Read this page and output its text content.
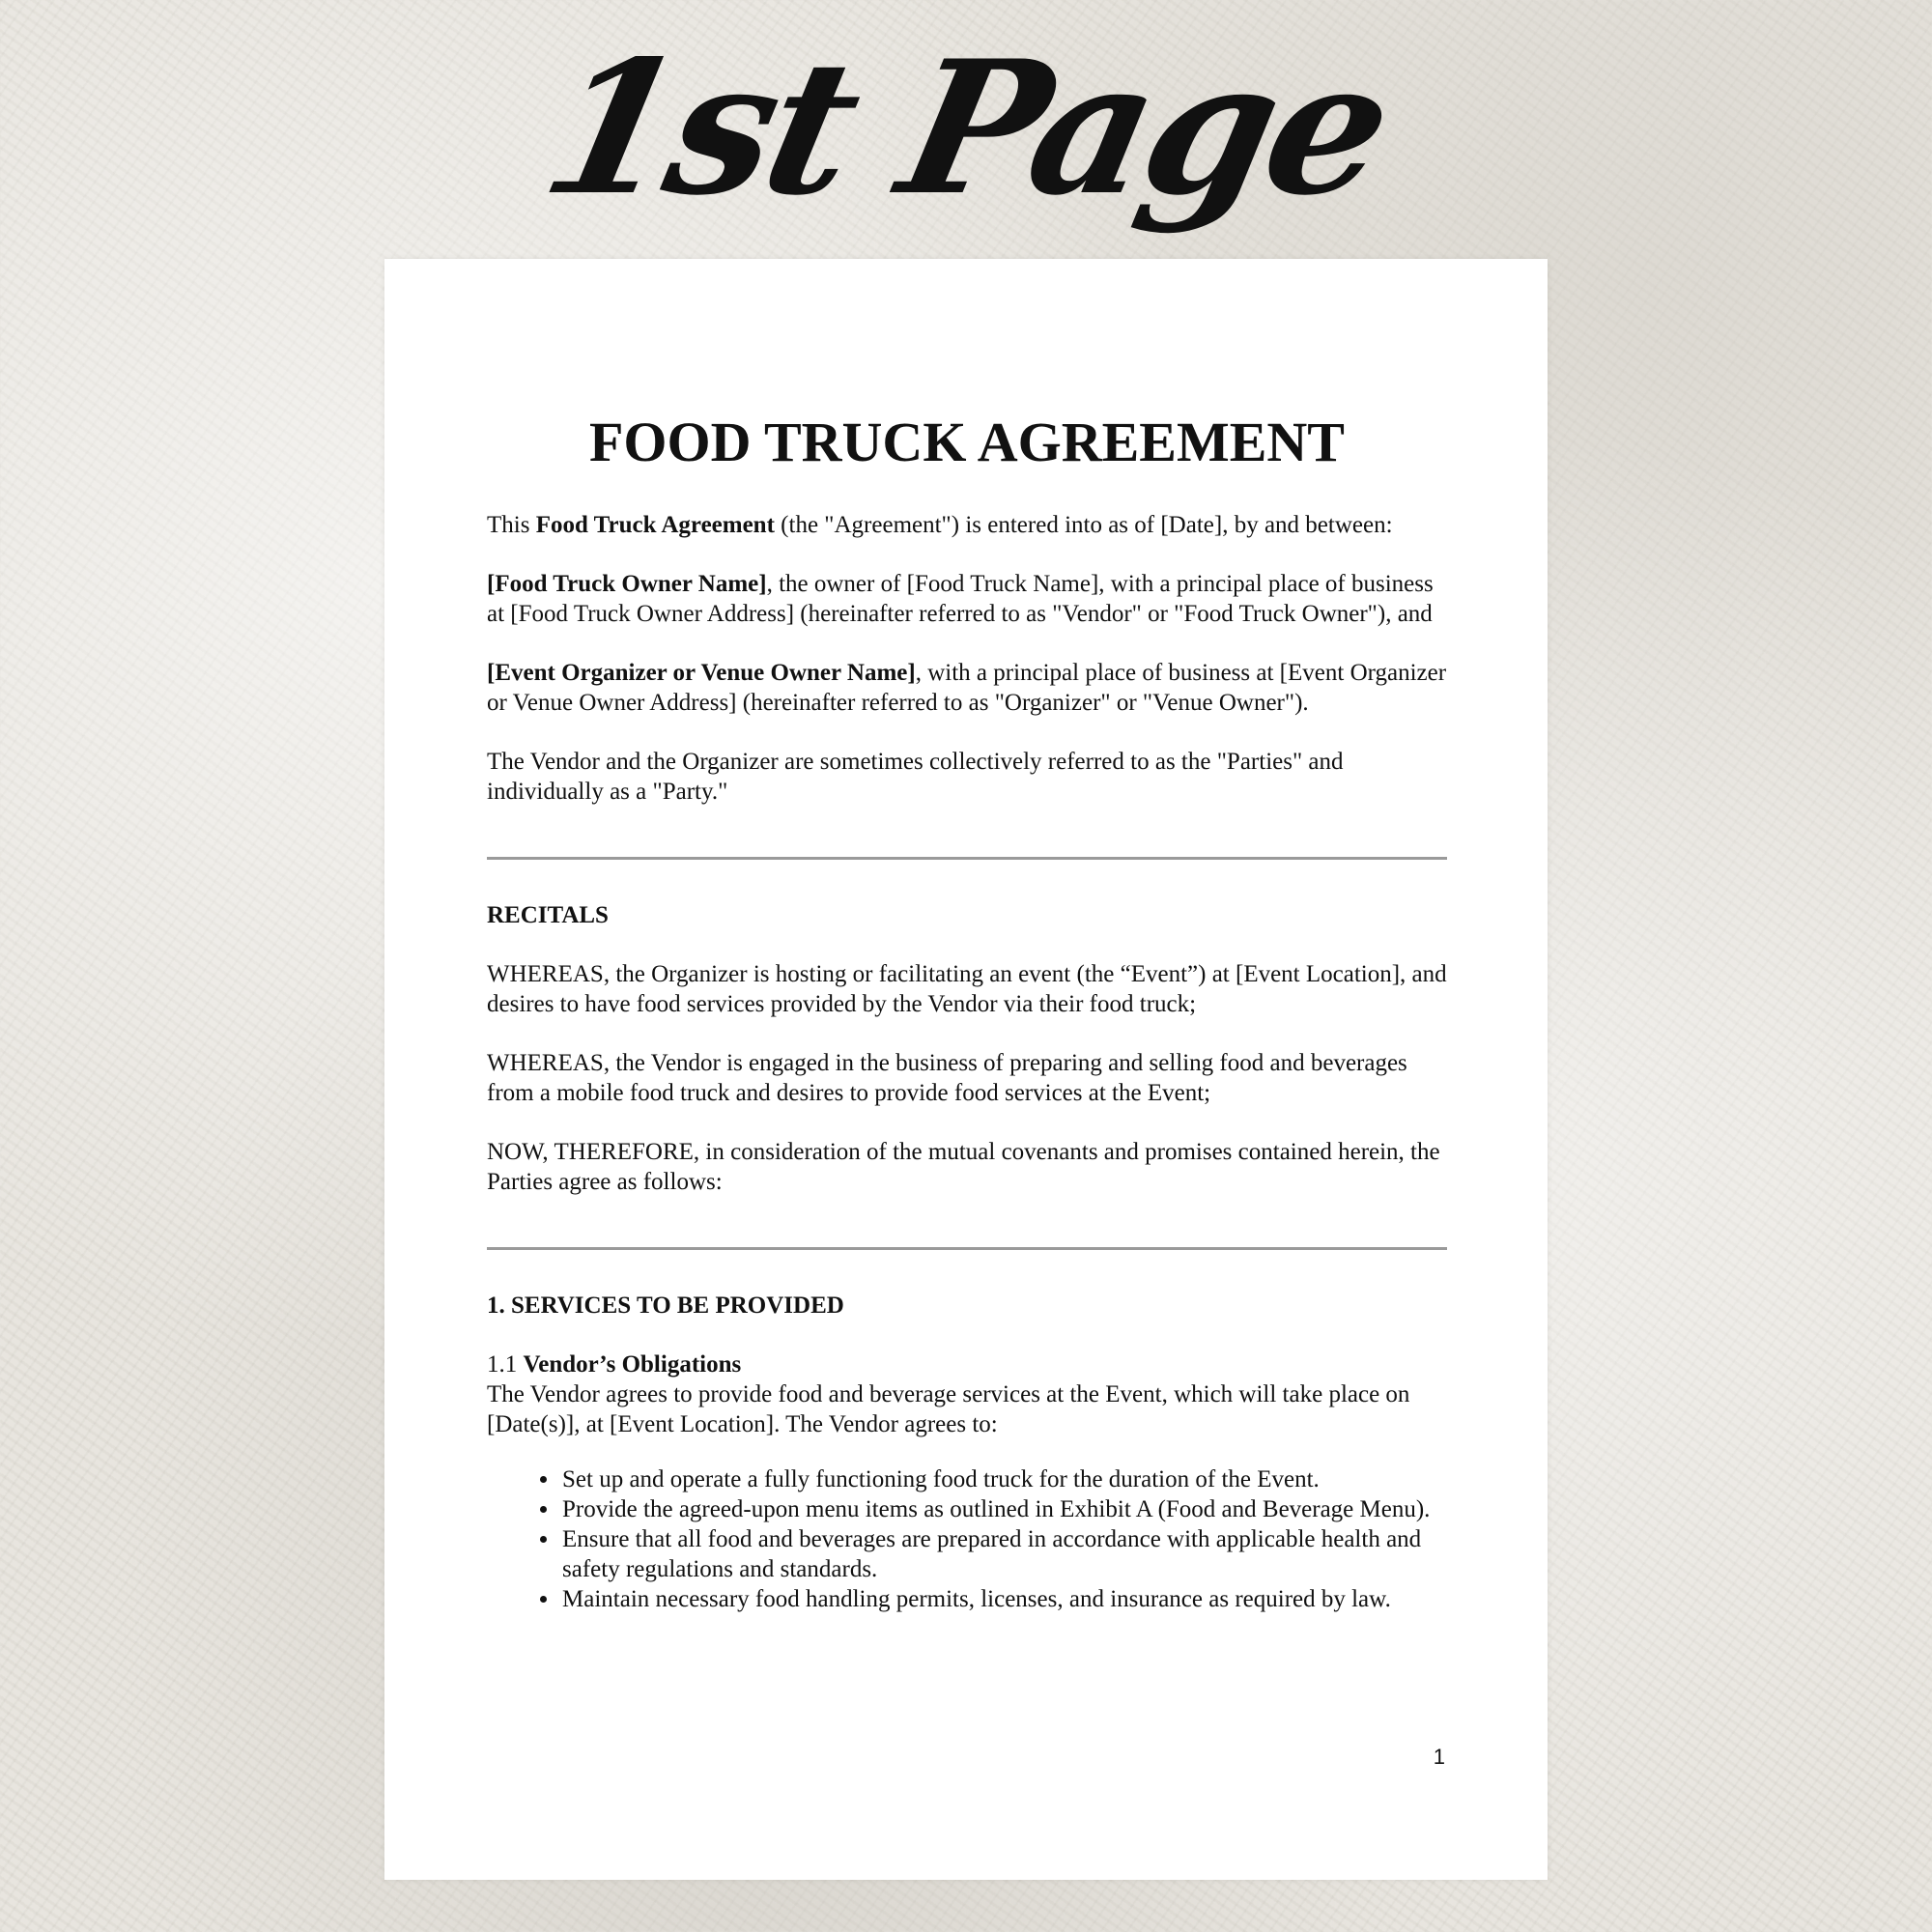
1st Page
FOOD TRUCK AGREEMENT

This Food Truck Agreement (the "Agreement") is entered into as of [Date], by and between:

[Food Truck Owner Name], the owner of [Food Truck Name], with a principal place of business at [Food Truck Owner Address] (hereinafter referred to as "Vendor" or "Food Truck Owner"), and

[Event Organizer or Venue Owner Name], with a principal place of business at [Event Organizer or Venue Owner Address] (hereinafter referred to as "Organizer" or "Venue Owner").

The Vendor and the Organizer are sometimes collectively referred to as the "Parties" and individually as a "Party."

RECITALS

WHEREAS, the Organizer is hosting or facilitating an event (the “Event”) at [Event Location], and desires to have food services provided by the Vendor via their food truck;

WHEREAS, the Vendor is engaged in the business of preparing and selling food and beverages from a mobile food truck and desires to provide food services at the Event;

NOW, THEREFORE, in consideration of the mutual covenants and promises contained herein, the Parties agree as follows:

1. SERVICES TO BE PROVIDED
1.1 Vendor’s Obligations
The Vendor agrees to provide food and beverage services at the Event, which will take place on [Date(s)], at [Event Location]. The Vendor agrees to:
• Set up and operate a fully functioning food truck for the duration of the Event.
• Provide the agreed-upon menu items as outlined in Exhibit A (Food and Beverage Menu).
• Ensure that all food and beverages are prepared in accordance with applicable health and safety regulations and standards.
• Maintain necessary food handling permits, licenses, and insurance as required by law.
1
